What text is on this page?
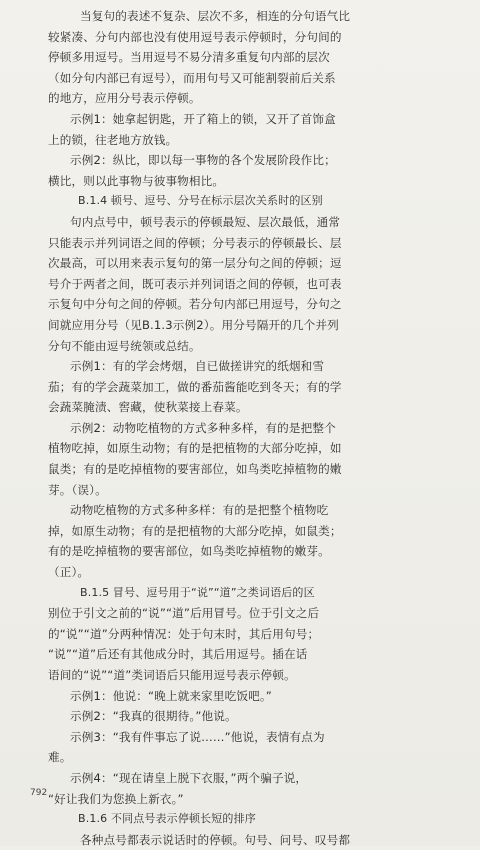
当复句的表述不复杂、层次不多，相连的分句语气比
较紧凑、分句内部也没有使用逗号表示停顿时，分句间的
停顿多用逗号。当用逗号不易分清多重复句内部的层次
（如分句内部已有逗号），而用句号又可能割裂前后关系
的地方，应用分号表示停顿。
示例1：她拿起钥匙，开了箱上的锁，又开了首饰盒
上的锁，往老地方放钱。
示例2：纵比，即以每一事物的各个发展阶段作比；
横比，则以此事物与彼事物相比。
B.1.4 顿号、逗号、分号在标示层次关系时的区别
句内点号中，顿号表示的停顿最短、层次最低，通常
只能表示并列词语之间的停顿；分号表示的停顿最长、层
次最高，可以用来表示复句的第一层分句之间的停顿；逗
号介于两者之间，既可表示并列词语之间的停顿，也可表
示复句中分句之间的停顿。若分句内部已用逗号，分句之
间就应用分号（见B.1.3示例2）。用分号隔开的几个并列
分句不能由逗号统领或总结。
示例1：有的学会烤烟，自已做搓讲究的纸烟和雪
茄；有的学会蔬菜加工，做的番茄酱能吃到冬天；有的学
会蔬菜腌渍、窖藏，使秋菜接上春菜。
示例2：动物吃植物的方式多种多样，有的是把整个
植物吃掉，如原生动物；有的是把植物的大部分吃掉，如
鼠类；有的是吃掉植物的要害部位，如鸟类吃掉植物的嫩
芽。（误）。
动物吃植物的方式多种多样：有的是把整个植物吃
掉，如原生动物；有的是把植物的大部分吃掉，如鼠类；
有的是吃掉植物的要害部位，如鸟类吃掉植物的嫩芽。
（正）。
B.1.5 冒号、逗号用于“说”“道”之类词语后的区
别位于引文之前的“说”“道”后用冒号。位于引文之后
的“说”“道”分两种情况：处于句末时，其后用句号；
“说”“道”后还有其他成分时，其后用逗号。插在话
语间的“说”“道”类词语后只能用逗号表示停顿。
示例1：他说：“晚上就来家里吃饭吧。”
示例2：“我真的很期待。”他说。
示例3：“我有件事忘了说……”他说，表情有点为
难。
示例4：“现在请皇上脱下衣服，”两个骗子说，
“好让我们为您换上新衣。”
B.1.6 不同点号表示停顿长短的排序
各种点号都表示说话时的停顿。句号、问号、叹号都
792
